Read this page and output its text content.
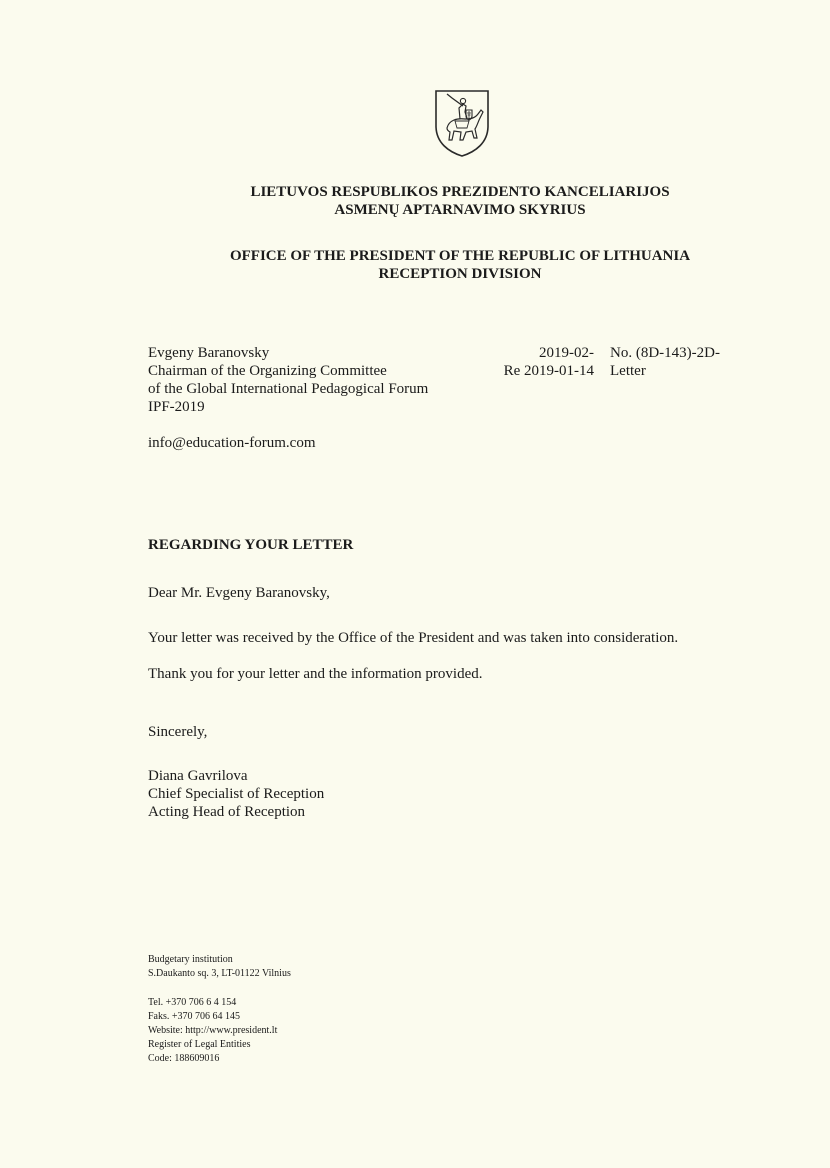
LIETUVOS RESPUBLIKOS PREZIDENTO KANCELIARIJOS
ASMENŲ APTARNAVIMO SKYRIUS
OFFICE OF THE PRESIDENT OF THE REPUBLIC OF LITHUANIA
RECEPTION DIVISION
Evgeny Baranovsky
Chairman of the Organizing Committee
of the Global International Pedagogical Forum
IPF-2019
2019-02-
Re 2019-01-14
No. (8D-143)-2D-
Letter
info@education-forum.com
REGARDING YOUR LETTER
Dear Mr. Evgeny Baranovsky,
Your letter was received by the Office of the President and was taken into consideration.
Thank you for your letter and the information provided.
Sincerely,
Diana Gavrilova
Chief Specialist of Reception
Acting Head of Reception
Budgetary institution
S.Daukanto sq. 3, LT-01122 Vilnius
Tel. +370 706 6 4 154
Faks. +370 706 64 145
Website: http://www.president.lt
Register of Legal Entities
Code: 188609016
